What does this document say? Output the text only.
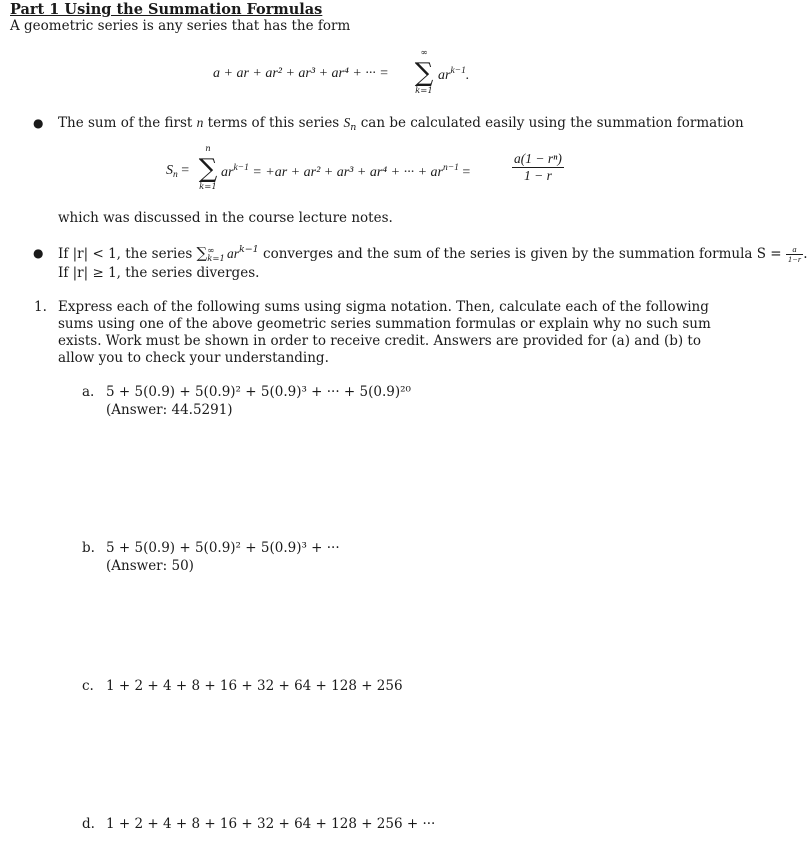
Part 1 Using the Summation Formulas
A geometric series is any series that has the form
a + ar + ar² + ar³ + ar⁴ + ··· =
∞
∑
k=1
$ar^{k-1}$.
● The sum of the first n terms of this series $S_n$ can be calculated easily using the summation formation
$S_n$ =
n
∑
k=1
$ar^{k-1} = +ar + ar^2 + ar^3 + ar^4$ + ··· + $ar^{n-1}$ =	$\frac{\text{a(1 − rⁿ)}}{1 - r}$
which was discussed in the course lecture notes.
● If |r| < 1, the series ∑ ∞
k=1 $ar^{k-1}$ converges and the sum of the series is given by the summation formula $S = \frac{a}{1-r}$ .
If |r| ≥ 1, the series diverges.
1. Express each of the following sums using sigma notation. Then, calculate each of the following sums using one of the above geometric series summation formulas or explain why no such sum exists. Work must be shown in order to receive credit. Answers are provided for (a) and (b) to allow you to check your understanding.
a. 5 + 5(0.9) + 5(0.9)² + 5(0.9)³ + ··· + 5(0.9)²⁰
(Answer: 44.5291)
b. 5 + 5(0.9) + 5(0.9)² + 5(0.9)³ + ···
(Answer: 50)
c. 1 + 2 + 4 + 8 + 16 + 32 + 64 + 128 + 256
d. 1 + 2 + 4 + 8 + 16 + 32 + 64 + 128 + 256 + ···
